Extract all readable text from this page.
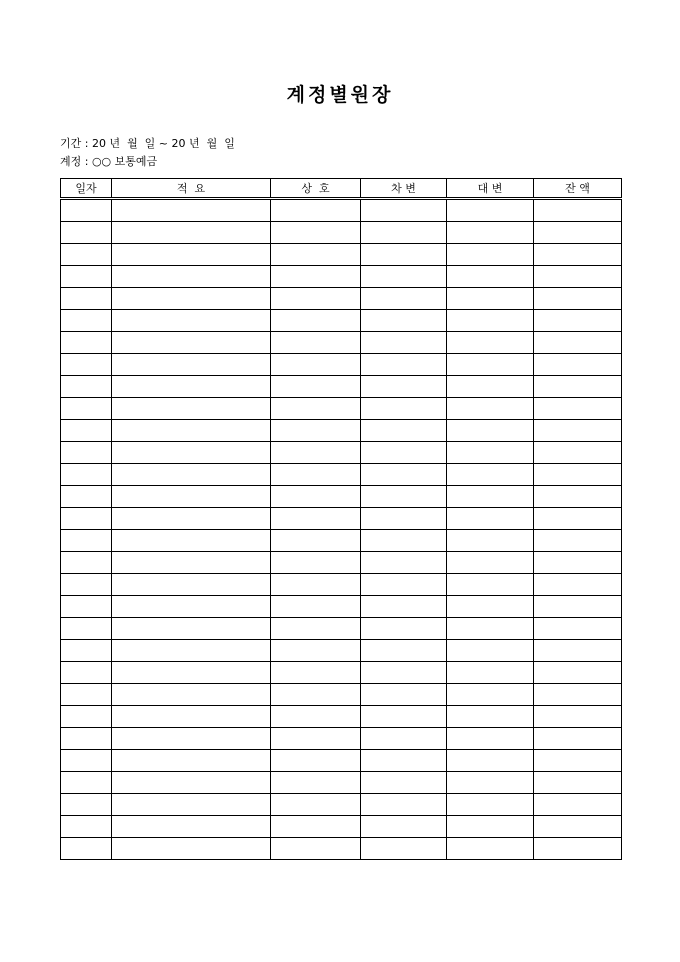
계정별원장
기간 : 20 년  월  일 ~ 20 년  월  일
계정 : ○○ 보통예금
일자	적  요	상  호	차 변	대 변	잔 액
